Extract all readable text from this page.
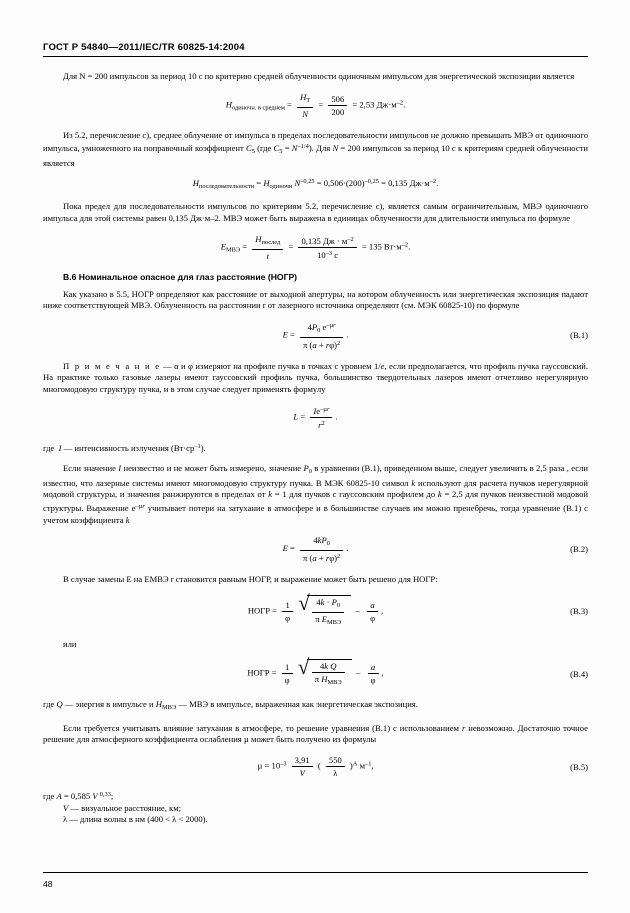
ГОСТ Р 54840—2011/IEC/TR 60825-14:2004

Для N = 200 импульсов за период 10 с по критерию средней облученности одиночным импульсом для энергетической экспозиции является

$H_{одиночн. в среднем} = \frac{H_Т}{N} = \frac{506}{200} = 2,53$ $Дж\cdot м^{-2}$.

Из 5.2, перечисление с), среднее облучение от импульса в пределах последовательности импульсов не должно превышать МВЭ от одиночного импульса, умноженного на поправочный коэффициент $C_5$ (где $C_5 = N^{-1/4}$). Для N = 200 импульсов за период 10 с к критериям средней облученности является

$H_{последовательности} = H_{одиночн}$ $N^{-0,25} = 0,506\cdot(200)^{-0,25} = 0,135$ $Дж\cdot м^{-2}$.

Пока предел для последовательности импульсов по критериям 5.2, перечисление с), является самым ограничительным, МВЭ одиночного импульса для этой системы равен 0,135 Дж·м–2. МВЭ может быть выражена в единицах облученности для длительности импульса по формуле

$E_{МВЭ} = \frac{H_{послед}}{t} = \frac{0,135 Дж \cdot м^{-2}}{10^{-3} с} = 135$ $Вт\cdot м^{-2}$.
В.6 Номинальное опасное для глаз расстояние (НОГР)

Как указано в 5.5, НОГР определяют как расстояние от выходной апертуры, на котором облученность или энергетическая экспозиция падают ниже соответствующей МВЭ. Облученность на расстоянии r от лазерного источника определяют (см. МЭК 60825-10) по формуле

$E = \frac{4P_0 e^{-\mu r}}{\pi (a + r\varphi)^2}$ .	(В.1)

П р и м е ч а н и е — α и φ измеряют на профиле пучка в точках с уровнем 1/e, если предполагается, что профиль пучка гауссовский. На практике только газовые лазеры имеют гауссовский профиль пучка, большинство твердотельных лазеров имеют отчетливо нерегулярную многомодовую структуру пучка, и в этом случае следует применять формулу

$L = \frac{Ie^{-\mu r}}{r^2}$ .

где  I — интенсивность излучения $(Вт\cdot ср^{-1})$.

Если значение I неизвестно и не может быть измерено, значение $P_0$ в уравнении (В.1), приведенном выше, следует увеличить в 2,5 раза , если известно, что лазерные системы имеют многомодовую структуру пучка. В МЭК 60825-10 символ k используют для расчета пучков нерегулярной модовой структуры, и значения ранжируются в пределах от k = 1 для пучков с гауссовским профилем до k = 2,5 для пучков неизвестной модовой структуры. Выражение $e^{-\mu r}$ учитывает потери на затухание в атмосфере и в большинстве случаев им можно пренебречь, тогда уравнение (В.1) с учетом коэффициента k

$E = \frac{4kP_0}{\pi (a + r\varphi)^2}$ .	(В.2)

В случае замены E на EМВЭ r становится равным НОГР, и выражение может быть решено для НОГР:

НОГР = $\frac{1}{\varphi}$
√ $\frac{4k \cdot P_0}{\pi E_{МВЭ}} - \frac{a}{\varphi}$ ,	(В.3)

или

НОГР = $\frac{1}{\varphi}$
√ $\frac{\text{4k Q}}{\pi H_{МВЭ}} - \frac{a}{\varphi}$ ,	(В.4)

где Q — энергия в импульсе и $H_{МВЭ}$ — МВЭ в импульсе, выраженная как энергетическая экспозиция.

Если требуется учитывать влияние затухания в атмосфере, то решение уравнения (В.1) с использованием r невозможно. Достаточно точное решение для атмосферного коэффициента ослабления µ может быть получено из формулы

$\mu = 10^{-3} \frac{3,91}{V}$ ( $\frac{550}{\lambda} )^A$ $м^{-1}$,	(В.5)

где A = 0,585 V $^{0,33}$;

V — визуальное расстояние, км;

λ — длина волны в нм (400 < λ < 2000).

48
